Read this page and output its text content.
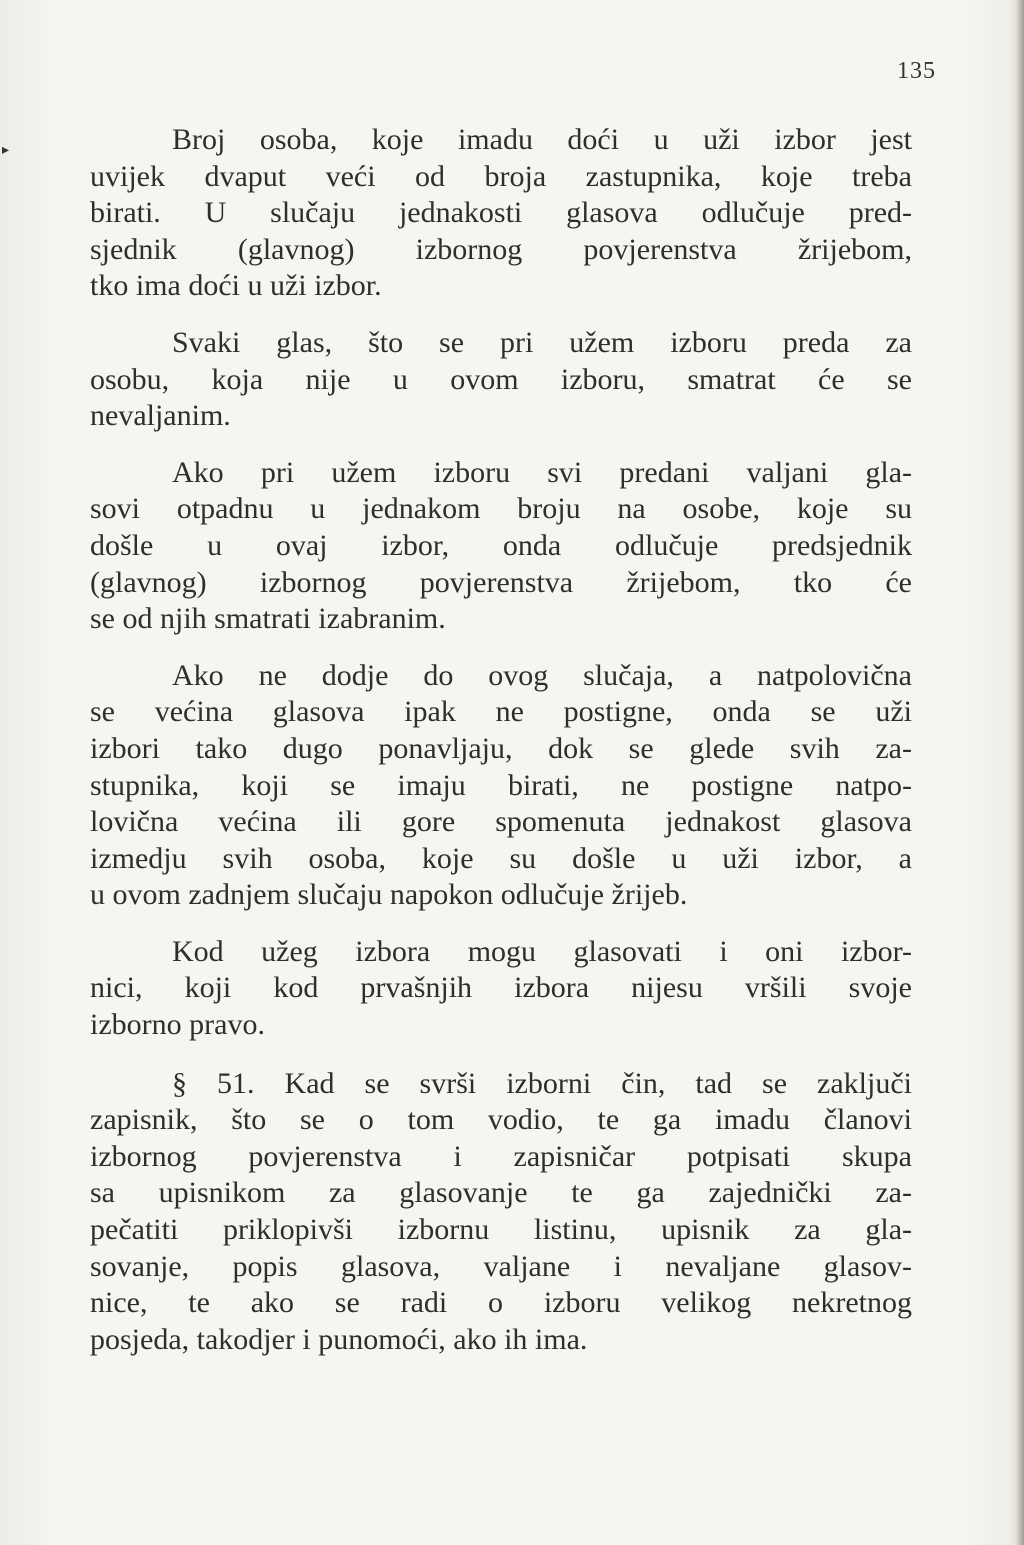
135
▸	Broj osoba, koje imadu doći u uži izbor jest
uvijek dvaput veći od broja zastupnika, koje treba
birati. U slučaju jednakosti glasova odlučuje pred-
sjednik (glavnog) izbornog povjerenstva žrijebom,
tko ima doći u uži izbor.
Svaki glas, što se pri užem izboru preda za
osobu, koja nije u ovom izboru, smatrat će se
nevaljanim.
Ako pri užem izboru svi predani valjani gla-
sovi otpadnu u jednakom broju na osobe, koje su
došle u ovaj izbor, onda odlučuje predsjednik
(glavnog) izbornog povjerenstva žrijebom, tko će
se od njih smatrati izabranim.
Ako ne dodje do ovog slučaja, a natpolovična
se većina glasova ipak ne postigne, onda se uži
izbori tako dugo ponavljaju, dok se glede svih za-
stupnika, koji se imaju birati, ne postigne natpo-
lovična većina ili gore spomenuta jednakost glasova
izmedju svih osoba, koje su došle u uži izbor, a
u ovom zadnjem slučaju napokon odlučuje žrijeb.
Kod užeg izbora mogu glasovati i oni izbor-
nici, koji kod prvašnjih izbora nijesu vršili svoje
izborno pravo.
§ 51. Kad se svrši izborni čin, tad se zaključi
zapisnik, što se o tom vodio, te ga imadu članovi
izbornog povjerenstva i zapisničar potpisati skupa
sa upisnikom za glasovanje te ga zajednički za-
pečatiti priklopivši izbornu listinu, upisnik za gla-
sovanje, popis glasova, valjane i nevaljane glasov-
nice, te ako se radi o izboru velikog nekretnog
posjeda, takodjer i punomoći, ako ih ima.
